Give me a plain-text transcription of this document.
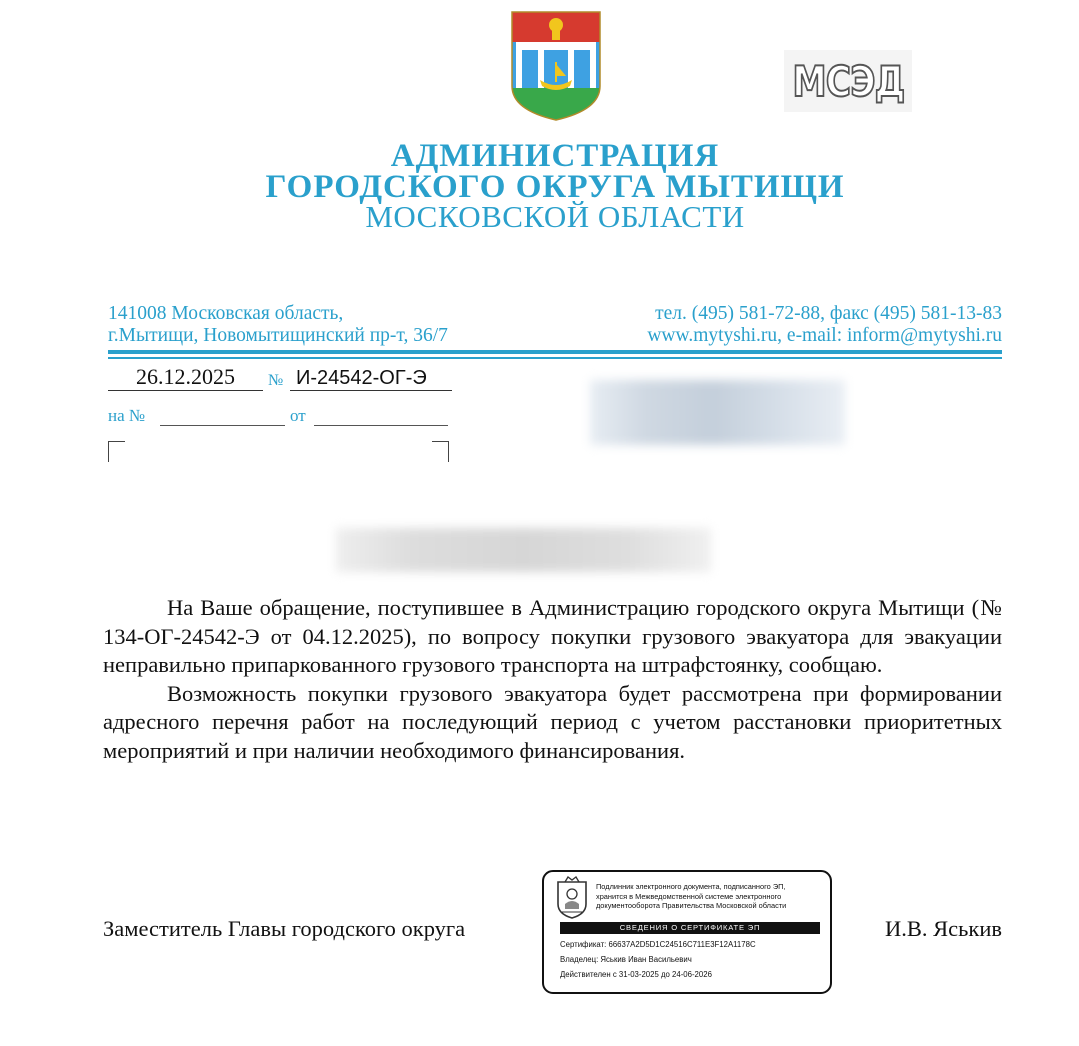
МСЭД
АДМИНИСТРАЦИЯ
ГОРОДСКОГО ОКРУГА МЫТИЩИ
МОСКОВСКОЙ ОБЛАСТИ
141008 Московская область,
г.Мытищи, Новомытищинский пр-т, 36/7
тел. (495) 581-72-88, факс (495) 581-13-83
www.mytyshi.ru, e-mail: inform@mytyshi.ru
26.12.2025	№ И-24542-ОГ-Э
на №	от

На Ваше обращение, поступившее в Администрацию городского округа Мытищи (№ 134-ОГ-24542-Э от 04.12.2025), по вопросу покупки грузового эвакуатора для эвакуации неправильно припаркованного грузового транспорта на штрафстоянку, сообщаю.

Возможность покупки грузового эвакуатора будет рассмотрена при формировании адресного перечня работ на последующий период с учетом расстановки приоритетных мероприятий и при наличии необходимого финансирования.

Заместитель Главы городского округа	И.В. Яськив
Подлинник электронного документа, подписанного ЭП,
хранится в Межведомственной системе электронного
документооборота Правительства Московской области
СВЕДЕНИЯ О СЕРТИФИКАТЕ ЭП
Сертификат: 66637A2D5D1C24516C711E3F12A1178C
Владелец: Яськив Иван Васильевич
Действителен с 31-03-2025 до 24-06-2026
